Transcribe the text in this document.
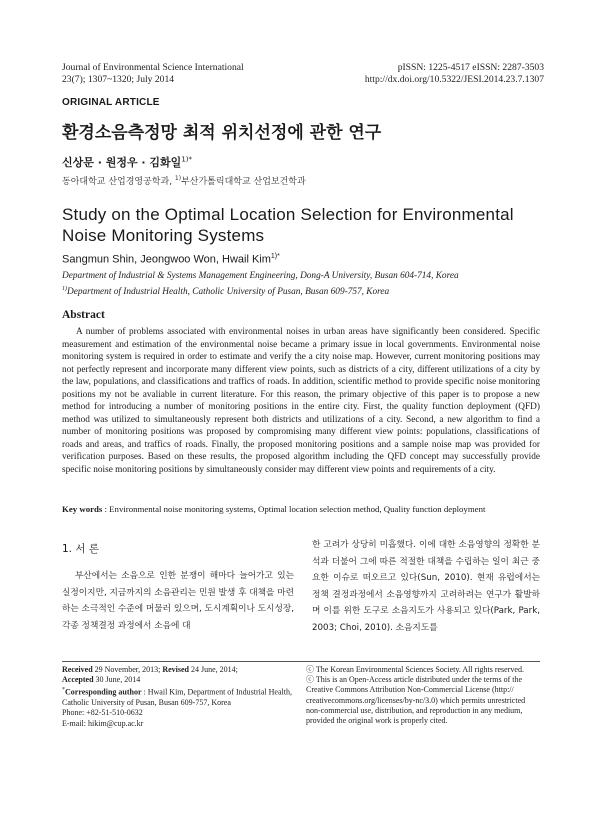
Journal of Environmental Science International
23(7); 1307~1320; July 2014
pISSN: 1225-4517 eISSN: 2287-3503
http://dx.doi.org/10.5322/JESI.2014.23.7.1307
ORIGINAL ARTICLE
환경소음측정망 최적 위치선정에 관한 연구
신상문 · 원정우 · 김화일$^{1)*}$
동아대학교 산업경영공학과, $^{1)}$부산가톨릭대학교 산업보건학과
Study on the Optimal Location Selection for Environmental Noise Monitoring Systems
Sangmun Shin, Jeongwoo Won, Hwail Kim$^{1)*}$
Department of Industrial & Systems Management Engineering, Dong-A University, Busan 604-714, Korea
$^{1)}$Department of Industrial Health, Catholic University of Pusan, Busan 609-757, Korea
Abstract
A number of problems associated with environmental noises in urban areas have significantly been considered. Specific measurement and estimation of the environmental noise became a primary issue in local governments. Environmental noise monitoring system is required in order to estimate and verify the a city noise map. However, current monitoring positions may not perfectly represent and incorporate many different view points, such as districts of a city, different utilizations of a city by the law, populations, and classifications and traffics of roads. In addition, scientific method to provide specific noise monitoring positions my not be avaliable in current literature. For this reason, the primary objective of this paper is to propose a new method for introducing a number of monitoring positions in the entire city. First, the quality function deployment (QFD) method was utilized to simultaneously represent both districts and utilizations of a city. Second, a new algorithm to find a number of monitoring positions was proposed by compromising many different view points: populations, classifications of roads and areas, and traffics of roads. Finally, the proposed monitoring positions and a sample noise map was provided for verification purposes. Based on these results, the proposed algorithm including the QFD concept may successfully provide specific noise monitoring positions by simultaneously consider may different view points and requirements of a city.
Key words : Environmental noise monitoring systems, Optimal location selection method, Quality function deployment
1. 서 론
부산에서는 소음으로 인한 분쟁이 해마다 늘어가고 있는 실정이지만, 지금까지의 소음관리는 민원 발생 후 대책을 마련하는 소극적인 수준에 머물러 있으며, 도시계획이나 도시성장, 각종 정책결정 과정에서 소음에 대
한 고려가 상당히 미흡했다. 이에 대한 소음영향의 정확한 분석과 더불어 그에 따른 적절한 대책을 수립하는 일이 최근 중요한 이슈로 떠오르고 있다(Sun, 2010). 현재 유럽에서는 정책 결정과정에서 소음영향까지 고려하려는 연구가 활발하며 이를 위한 도구로 소음지도가 사용되고 있다(Park, Park, 2003; Choi, 2010). 소음지도를
Received 29 November, 2013; Revised 24 June, 2014;
Accepted 30 June, 2014
*Corresponding author : Hwail Kim, Department of Industrial Health, Catholic University of Pusan, Busan 609-757, Korea
Phone: +82-51-510-0632
E-mail: hikim@cup.ac.kr
ⓒ The Korean Environmental Sciences Society. All rights reserved.
ⓒ This is an Open-Access article distributed under the terms of the Creative Commons Attribution Non-Commercial License (http:// creativecommons.org/licenses/by-nc/3.0) which permits unrestricted non-commercial use, distribution, and reproduction in any medium, provided the original work is properly cited.
